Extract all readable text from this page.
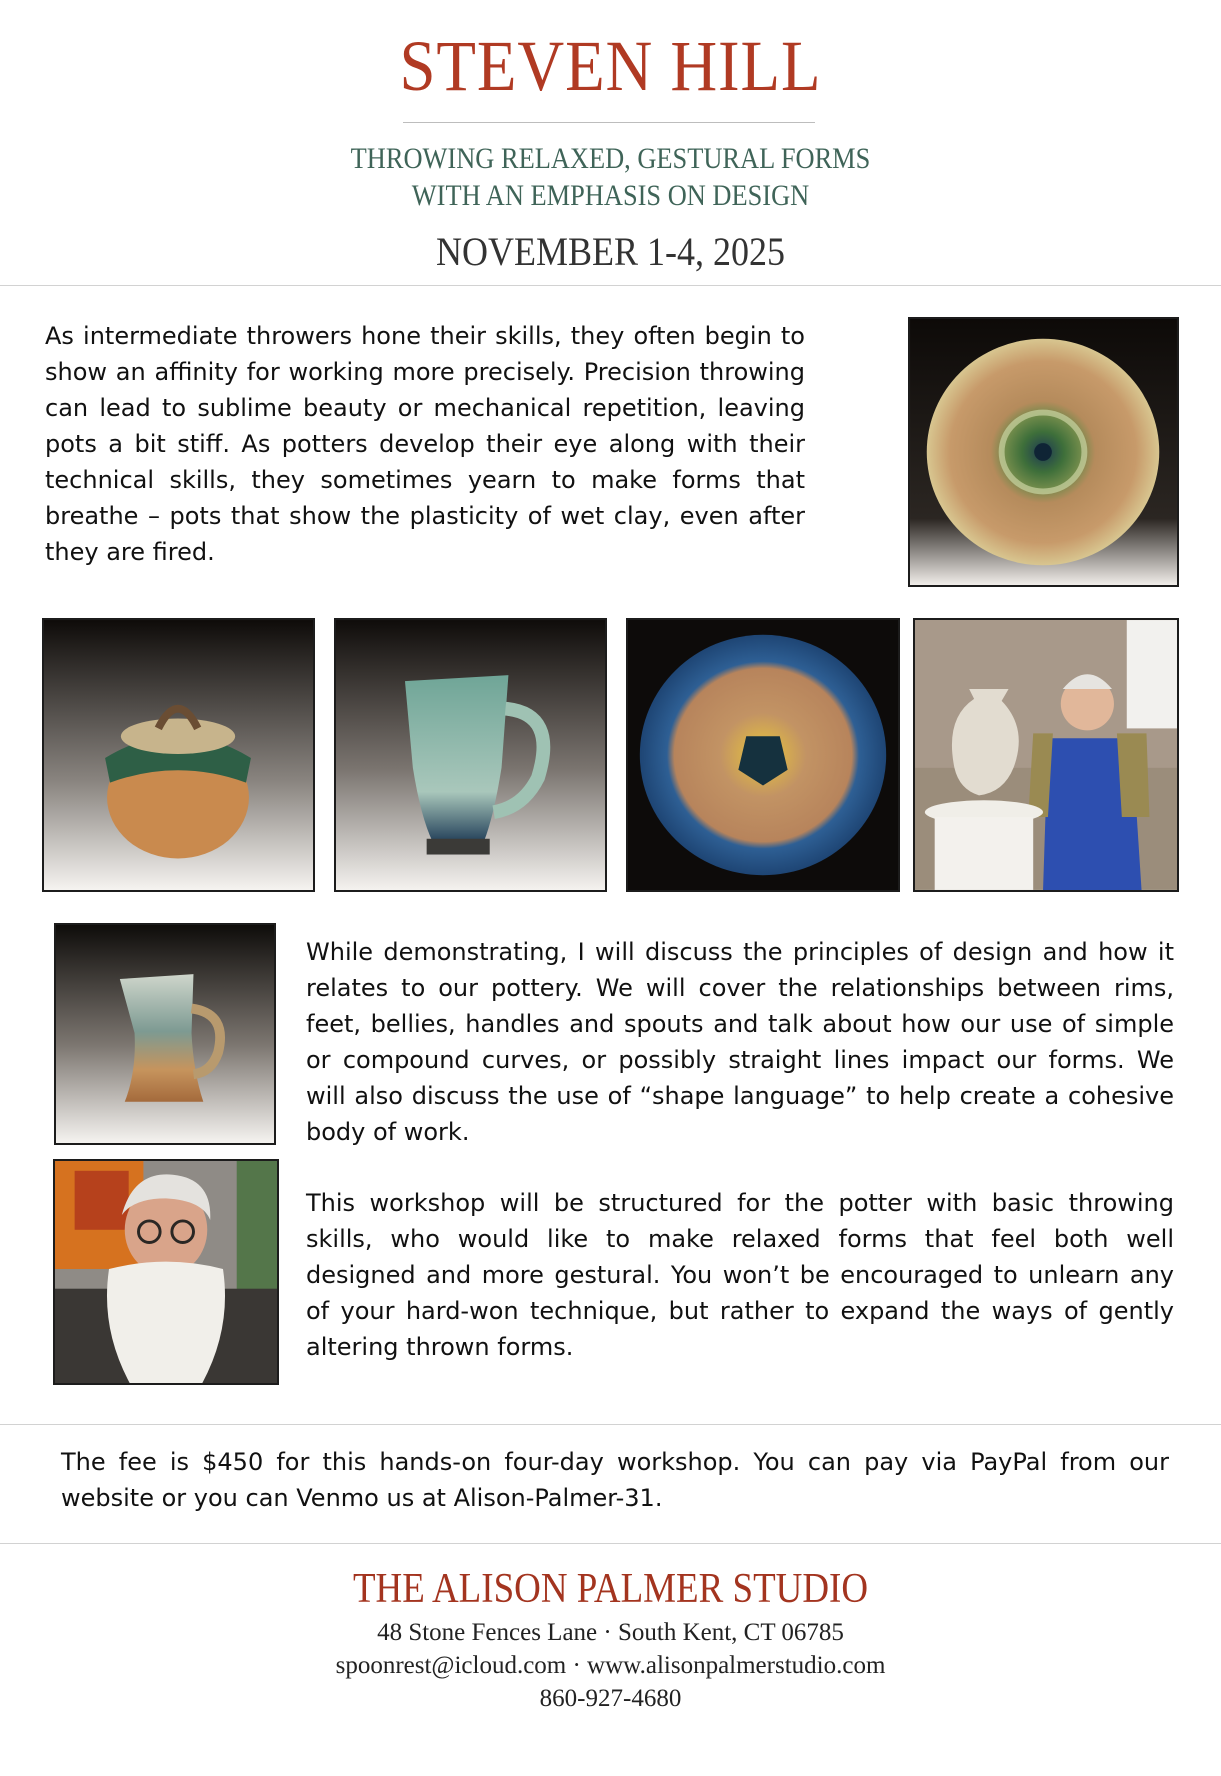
STEVEN HILL
THROWING RELAXED, GESTURAL FORMS
WITH AN EMPHASIS ON DESIGN
NOVEMBER 1-4, 2025

As intermediate throwers hone their skills, they often begin to show an affinity for working more precisely. Precision throwing can lead to sublime beauty or mechanical repetition, leaving pots a bit stiff. As potters develop their eye along with their technical skills, they sometimes yearn to make forms that breathe – pots that show the plasticity of wet clay, even after they are fired.

While demonstrating, I will discuss the principles of design and how it relates to our pottery. We will cover the relationships between rims, feet, bellies, handles and spouts and talk about how our use of simple or compound curves, or possibly straight lines impact our forms. We will also discuss the use of “shape language” to help create a cohesive body of work.

This workshop will be structured for the potter with basic throwing skills, who would like to make relaxed forms that feel both well designed and more gestural. You won’t be encouraged to unlearn any of your hard-won technique, but rather to expand the ways of gently altering thrown forms.

The fee is $450 for this hands-on four-day workshop. You can pay via PayPal from our website or you can Venmo us at Alison-Palmer-31.

THE ALISON PALMER STUDIO
48 Stone Fences Lane · South Kent, CT 06785
spoonrest@icloud.com · www.alisonpalmerstudio.com
860-927-4680
